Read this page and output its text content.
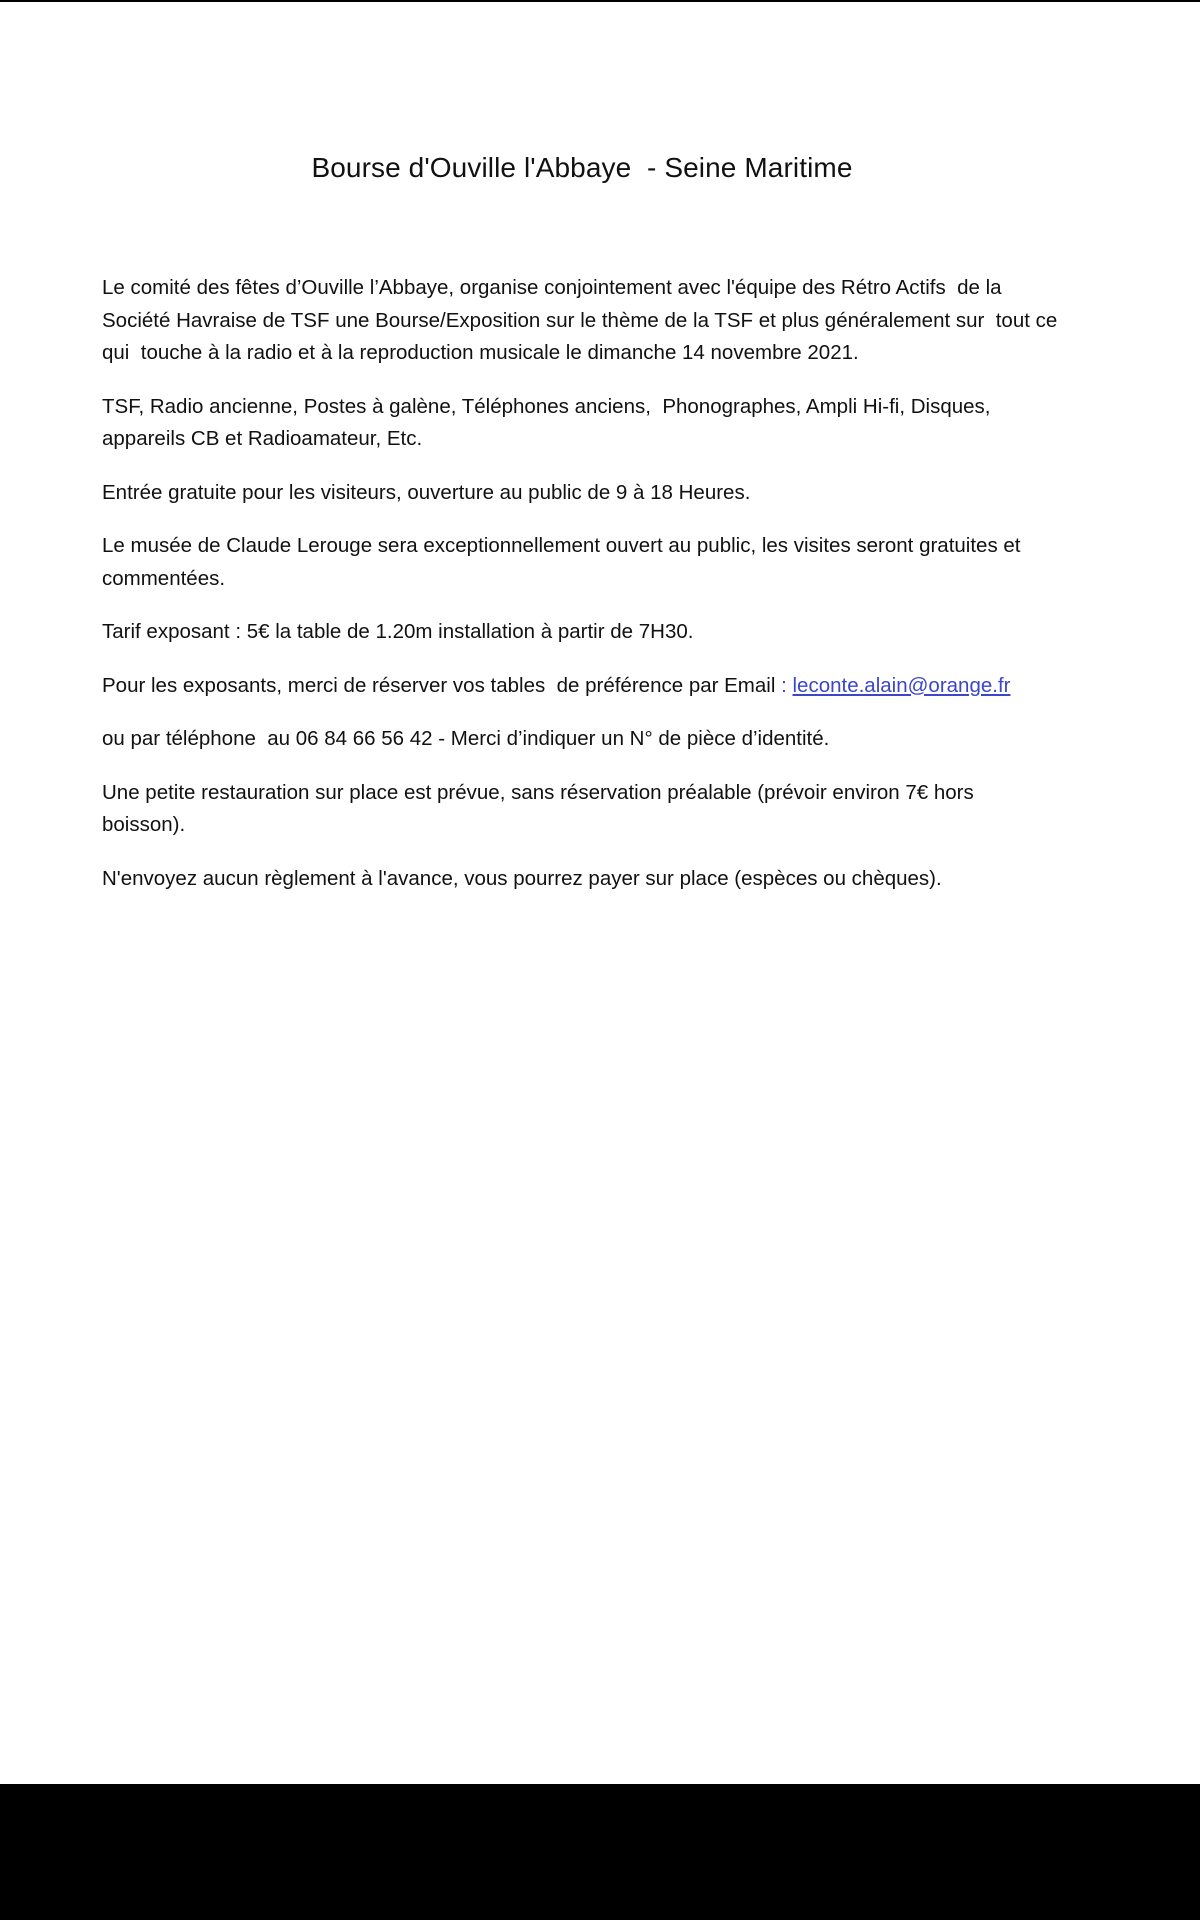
Bourse d'Ouville l'Abbaye  - Seine Maritime

Le comité des fêtes d’Ouville l’Abbaye, organise conjointement avec l'équipe des Rétro Actifs  de la Société Havraise de TSF une Bourse/Exposition sur le thème de la TSF et plus généralement sur  tout ce qui  touche à la radio et à la reproduction musicale le dimanche 14 novembre 2021.

TSF, Radio ancienne, Postes à galène, Téléphones anciens,  Phonographes, Ampli Hi-fi, Disques, appareils CB et Radioamateur, Etc.

Entrée gratuite pour les visiteurs, ouverture au public de 9 à 18 Heures.

Le musée de Claude Lerouge sera exceptionnellement ouvert au public, les visites seront gratuites et commentées.

Tarif exposant : 5€ la table de 1.20m installation à partir de 7H30.

Pour les exposants, merci de réserver vos tables  de préférence par Email : leconte.alain@orange.fr

ou par téléphone  au 06 84 66 56 42 - Merci d’indiquer un N° de pièce d’identité.

Une petite restauration sur place est prévue, sans réservation préalable (prévoir environ 7€ hors boisson).

N'envoyez aucun règlement à l'avance, vous pourrez payer sur place (espèces ou chèques).
